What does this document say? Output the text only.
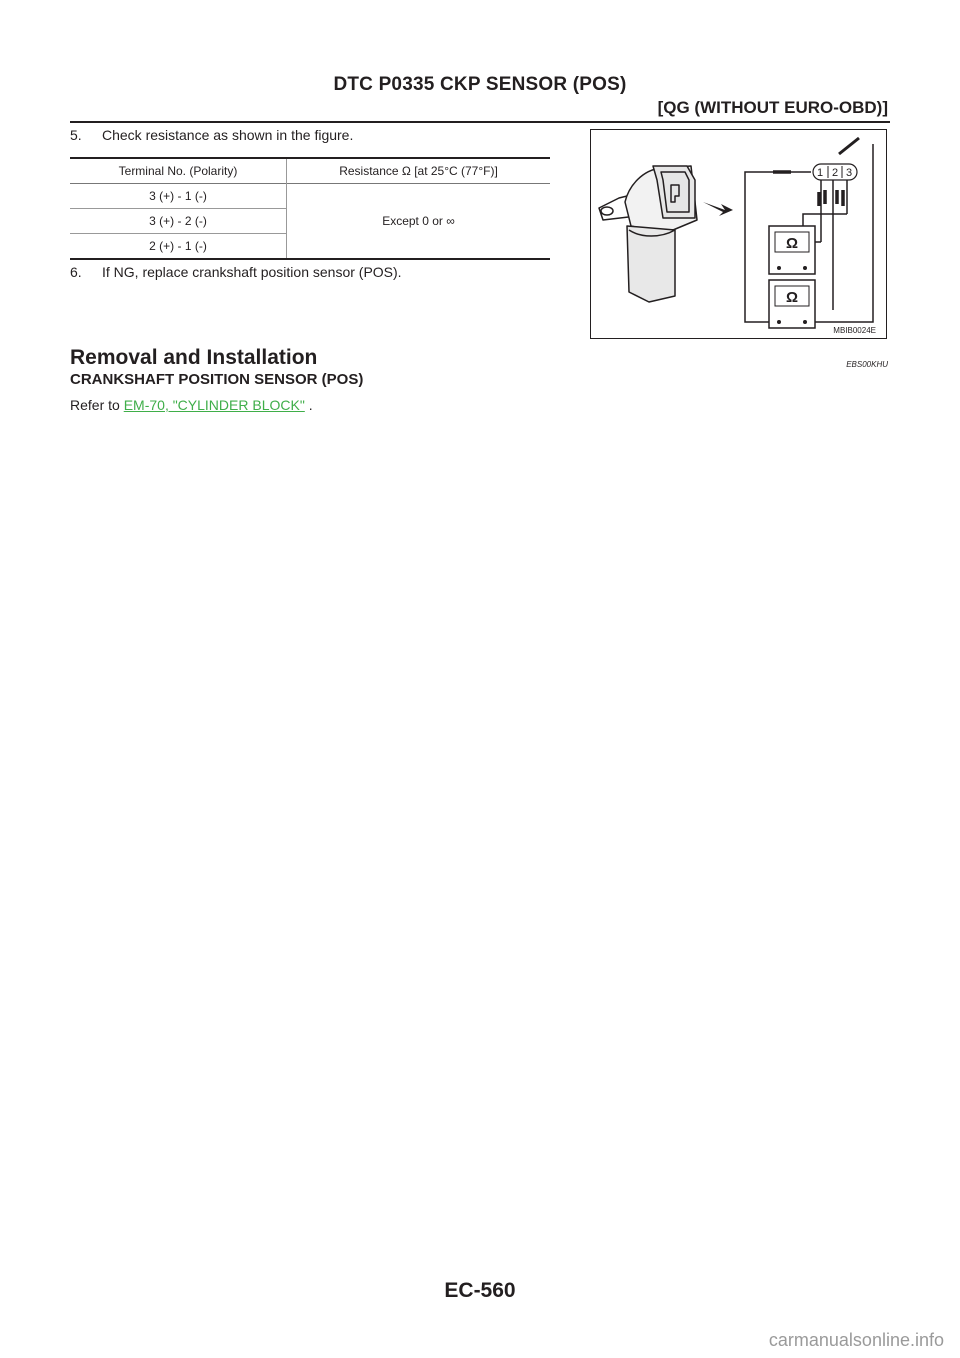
DTC P0335 CKP SENSOR (POS)
[QG (WITHOUT EURO-OBD)]
5. Check resistance as shown in the figure.
Terminal No. (Polarity)	Resistance Ω [at 25°C (77°F)]
3 (+) - 1 (-)	Except 0 or ∞
3 (+) - 2 (-)	
2 (+) - 1 (-)	
6. If NG, replace crankshaft position sensor (POS).
1 2 3
Ω
Ω
MBIB0024E
Removal and Installation	EBS00KHU
CRANKSHAFT POSITION SENSOR (POS)
Refer to EM-70, "CYLINDER BLOCK" .
EC-560
carmanualsonline.info
